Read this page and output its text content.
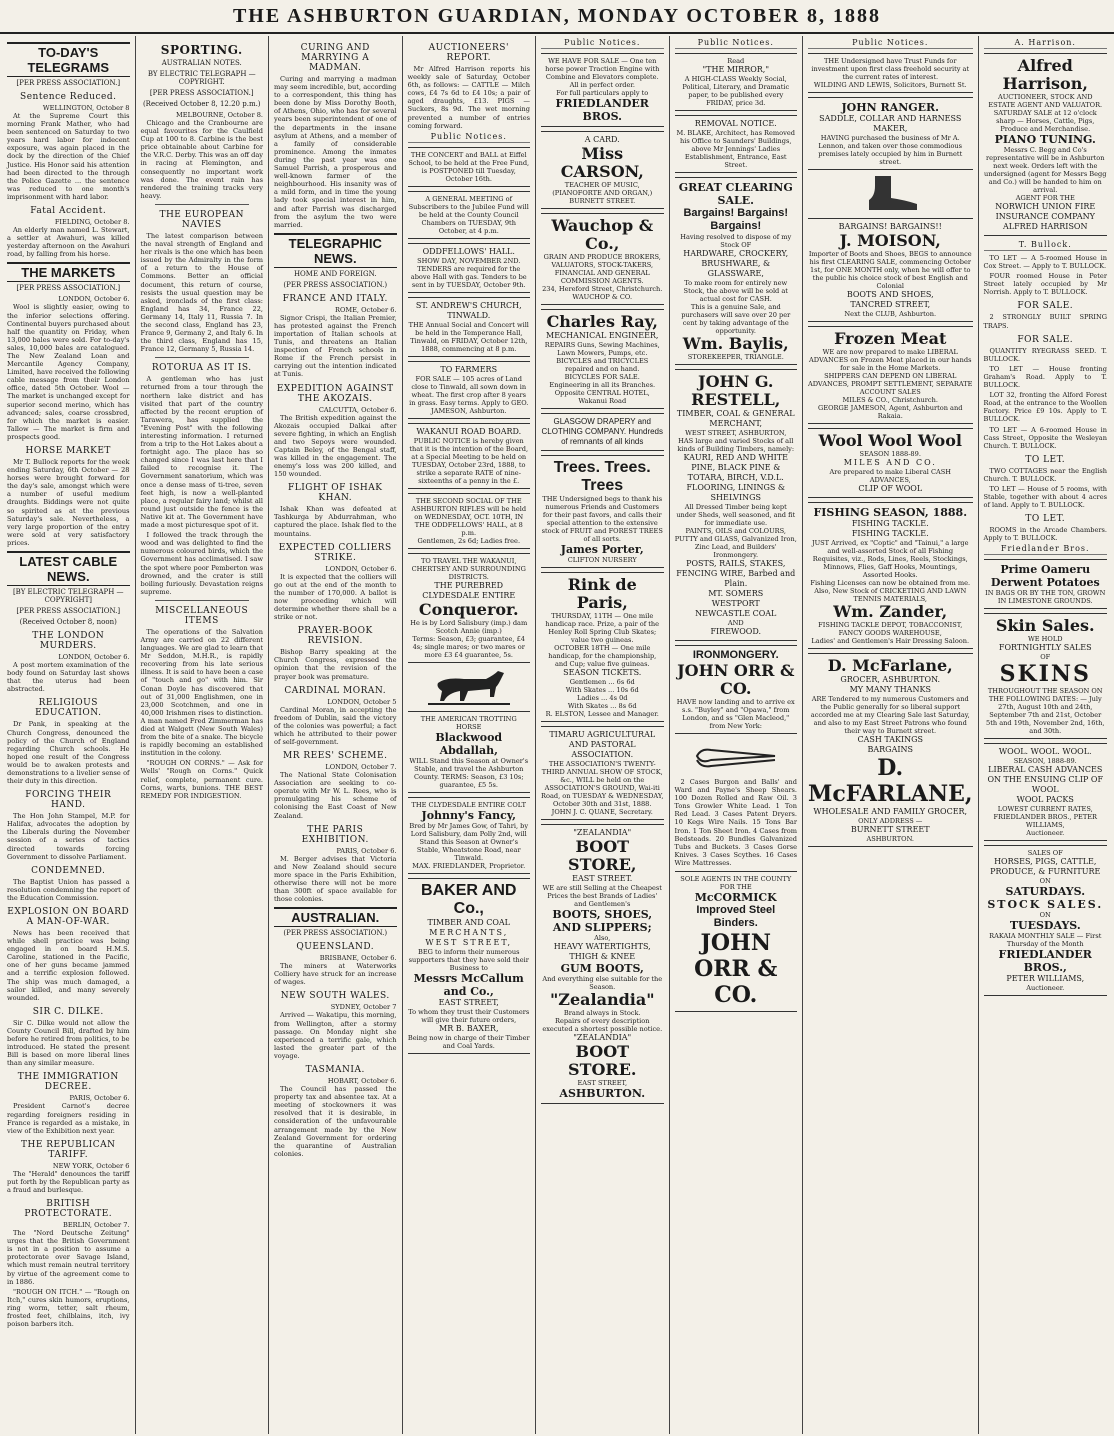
THE ASHBURTON GUARDIAN, MONDAY OCTOBER 8, 1888
TO-DAY'S TELEGRAMS
[PER PRESS ASSOCIATION.]
Sentence Reduced.

WELLINGTON, October 8

At the Supreme Court this morning Frank Mather, who had been sentenced on Saturday to two years hard labor for indecent exposure, was again placed in the dock by the direction of the Chief Justice. His Honor said his attention had been directed to the through the Police Gazette ... the sentence was reduced to one month's imprisonment with hard labor.

Fatal Accident.

FIELDING, October 8.

An elderly man named L. Stewart, a settler at Awahuri, was killed yesterday afternoon on the Awahuri road, by falling from his horse.

THE MARKETS
[PER PRESS ASSOCIATION.]

LONDON, October 6.

Wool is slightly easier, owing to the inferior selections offering. Continental buyers purchased about half the quantity on Friday, when 13,000 bales were sold. For to-day's sales, 10,000 bales are catalogued. The New Zealand Loan and Mercantile Agency Company, Limited, have received the following cable message from their London office, dated 5th October. Wool — The market is unchanged except for superior second merino, which has advanced; sales, coarse crossbred, for which the market is easier. Tallow — The market is firm and prospects good.

HORSE MARKET

Mr T. Bullock reports for the week ending Saturday, 6th October — 28 horses were brought forward for the day's sale, amongst which were a number of useful medium draughts. Biddings were not quite so spirited as at the previous Saturday's sale. Nevertheless, a very large proportion of the entry were sold at very satisfactory prices.

LATEST CABLE NEWS.
[BY ELECTRIC TELEGRAPH — COPYRIGHT]
[PER PRESS ASSOCIATION.]
(Received October 8, noon)
THE LONDON MURDERS.

LONDON, October 6.

A post mortem examination of the body found on Saturday last shows that the uterus had been abstracted.

RELIGIOUS EDUCATION.

Dr Pank, in speaking at the Church Congress, denounced the policy of the Church of England regarding Church schools. He hoped one result of the Congress would be to awaken protests and demonstrations to a livelier sense of their duty in this direction.

FORCING THEIR HAND.

The Hon John Stampel, M.P. for Halifax, advocates the adoption by the Liberals during the November session of a series of tactics directed towards forcing Government to dissolve Parliament.

CONDEMNED.

The Baptist Union has passed a resolution condemning the report of the Education Commission.

EXPLOSION ON BOARD A MAN-OF-WAR.

News has been received that while shell practice was being engaged in on board H.M.S. Caroline, stationed in the Pacific, one of her guns became jammed and a terrific explosion followed. The ship was much damaged, a sailor killed, and many severely wounded.

SIR C. DILKE.

Sir C. Dilke would not allow the County Council Bill, drafted by him before he retired from politics, to be introduced. He stated the present Bill is based on more liberal lines than any similar measure.

THE IMMIGRATION DECREE.

PARIS, October 6.

President Carnot's decree regarding foreigners residing in France is regarded as a mistake, in view of the Exhibition next year.

THE REPUBLICAN TARIFF.

NEW YORK, October 6

The "Herald" denounces the tariff put forth by the Republican party as a fraud and burlesque.

BRITISH PROTECTORATE.

BERLIN, October 7.

The "Nord Deutsche Zeitung" urges that the British Government is not in a position to assume a protectorate over Savage Island, which must remain neutral territory by virtue of the agreement come to in 1886.

"ROUGH ON ITCH." — "Rough on Itch," cures skin humors, eruptions, ring worm, tetter, salt rheum, frosted feet, chilblains, itch, ivy poison barbers itch.

SPORTING.
AUSTRALIAN NOTES.
BY ELECTRIC TELEGRAPH — COPYRIGHT.
[PER PRESS ASSOCIATION.]
(Received October 8, 12.20 p.m.)

MELBOURNE, October 8.

Chicago and the Cranbourne are equal favourites for the Caulfield Cup at 100 to 8. Carbine is the best price obtainable about Carbine for the V.R.C. Derby. This was an off day in racing at Flemington, and consequently no important work was done. The event rain has rendered the training tracks very heavy.

THE EUROPEAN NAVIES

The latest comparison between the naval strength of England and her rivals is the one which has been issued by the Admiralty in the form of a return to the House of Commons. Better an official document, this return of course, resists the usual question may be asked, ironclads of the first class: England has 34, France 22, Germany 14, Italy 11, Russia 7. In the second class, England has 23, France 9, Germany 2, and Italy 6. In the third class, England has 15, France 12, Germany 5, Russia 14.

ROTORUA AS IT IS.

A gentleman who has just returned from a tour through the northern lake district and has visited that part of the country affected by the recent eruption of Tarawera, has supplied the "Evening Post" with the following interesting information. I returned from a trip to the Hot Lakes about a fortnight ago. The place has so changed since I was last here that I failed to recognise it. The Government sanatorium, which was once a dense mass of ti-tree, seven feet high, is now a well-planted place, a regular fairy land; whilst all round just outside the fence is the Native kit at. The Government have made a most picturesque spot of it.

I followed the track through the wood and was delighted to find the numerous coloured birds, which the Government has acclimatised. I saw the spot where poor Pemberton was drowned, and the crater is still boiling furiously. Devastation reigns supreme.

MISCELLANEOUS ITEMS

The operations of the Salvation Army are carried on 22 different languages. We are glad to learn that Mr Seddon, M.H.R., is rapidly recovering from his late serious illness. It is said to have been a case of "touch and go" with him. Sir Conan Doyle has discovered that out of 31,000 Englishmen, one in 23,000 Scotchmen, and one in 40,000 Irishmen rises to distinction. A man named Fred Zimmerman has died at Walgett (New South Wales) from the bite of a snake. The bicycle is rapidly becoming an established institution in the colony.

"ROUGH ON CORNS." — Ask for Wells' "Rough on Corns." Quick relief, complete, permanent cure. Corns, warts, bunions. THE BEST REMEDY FOR INDIGESTION.

CURING AND MARRYING A MADMAN.

Curing and marrying a madman may seem incredible, but, according to a correspondent, this thing has been done by Miss Dorothy Booth, of Athens, Ohio, who has for several years been superintendent of one of the departments in the insane asylum at Athens, and a member of a family of considerable prominence. Among the inmates during the past year was one Samuel Parrish, a prosperous and well-known farmer of the neighbourhood. His insanity was of a mild form, and in time the young lady took special interest in him, and after Parrish was discharged from the asylum the two were married.

TELEGRAPHIC NEWS.
HOME AND FOREIGN.
(PER PRESS ASSOCIATION.)
FRANCE AND ITALY.

ROME, October 6.

Signor Crispi, the Italian Premier, has protested against the French importation of Italian schools at Tunis, and threatens an Italian inspection of French schools in Rome if the French persist in carrying out the intention indicated at Tunis.

EXPEDITION AGAINST THE AKOZAIS.

CALCUTTA, October 6.

The British expedition against the Akozais occupied Dalkai after severe fighting, in which an English and two Sepoys were wounded. Captain Beley, of the Bengal staff, was killed in the engagement. The enemy's loss was 200 killed, and 150 wounded.

FLIGHT OF ISHAK KHAN.

Ishak Khan was defeated at Tashkurga by Abdurrahman, who captured the place. Ishak fled to the mountains.

EXPECTED COLLIERS STRIKE.

LONDON, October 6.

It is expected that the colliers will go out at the end of the month to the number of 170,000. A ballot is now proceeding which will determine whether there shall be a strike or not.

PRAYER-BOOK REVISION.

Bishop Barry speaking at the Church Congress, expressed the opinion that the revision of the prayer book was premature.

CARDINAL MORAN.

LONDON, October 5

Cardinal Moran, in accepting the freedom of Dublin, said the victory of the colonies was powerful; a fact which he attributed to their power of self-government.

MR REES' SCHEME.

LONDON, October 7.

The National State Colonisation Association are seeking to co-operate with Mr W. L. Rees, who is promulgating his scheme of colonising the East Coast of New Zealand.

THE PARIS EXHIBITION.

PARIS, October 6.

M. Berger advises that Victoria and New Zealand should secure more space in the Paris Exhibition, otherwise there will not be more than 300ft of space available for those colonies.

AUSTRALIAN.
(PER PRESS ASSOCIATION.)
QUEENSLAND.

BRISBANE, October 6.

The miners at Waterworks Colliery have struck for an increase of wages.

NEW SOUTH WALES.

SYDNEY, October 7

Arrived — Wakatipu, this morning, from Wellington, after a stormy passage. On Monday night she experienced a terrific gale, which lasted the greater part of the voyage.

TASMANIA.

HOBART, October 6.

The Council has passed the property tax and absentee tax. At a meeting of stockowners it was resolved that it is desirable, in consideration of the unfavourable arrangement made by the New Zealand Government for ordering the quarantine of Australian colonies.

AUCTIONEERS' REPORT.

Mr Alfred Harrison reports his weekly sale of Saturday, October 6th, as follows: — CATTLE — Milch cows, £4 7s 6d to £4 10s; a pair of aged draughts, £13. PIGS — Suckers, 8s 9d. The wet morning prevented a number of entries coming forward.

Public Notices.
THE CONCERT and BALL at Eiffel School, to be held at the Free Fund, is POSTPONED till Tuesday, October 16th.
A GENERAL MEETING of Subscribers to the Jubilee Fund will be held at the County Council Chambers on TUESDAY, 9th October, at 4 p.m.
ODDFELLOWS' HALL.
SHOW DAY, NOVEMBER 2ND.
TENDERS are required for the above Hall with gas. Tenders to be sent in by TUESDAY, October 9th.
ST. ANDREW'S CHURCH, TINWALD.
THE Annual Social and Concert will be held in the Temperance Hall, Tinwald, on FRIDAY, October 12th, 1888, commencing at 8 p.m.
TO FARMERS
FOR SALE — 105 acres of Land close to Tinwald, all sown down in wheat. The first crop after 8 years in grass. Easy terms. Apply to GEO. JAMESON, Ashburton.
WAKANUI ROAD BOARD.
PUBLIC NOTICE is hereby given that it is the intention of the Board, at a Special Meeting to be held on TUESDAY, October 23rd, 1888, to strike a separate RATE of nine-sixteenths of a penny in the £.
THE SECOND SOCIAL OF THE ASHBURTON RIFLES will be held on WEDNESDAY, OCT. 10TH, IN THE ODDFELLOWS' HALL, at 8 p.m.
Gentlemen, 2s 6d; Ladies free.
TO TRAVEL THE WAKANUI, CHERTSEY AND SURROUNDING DISTRICTS.
THE PUREBRED CLYDESDALE ENTIRE
Conqueror.
He is by Lord Salisbury (imp.) dam Scotch Annie (imp.)
Terms: Season, £3; guarantee, £4 4s; single mares; or two mares or more £3 £4 guarantee, 5s.
THE AMERICAN TROTTING HORSE
Blackwood Abdallah,
WILL Stand this Season at Owner's Stable, and travel the Ashburton County. TERMS: Season, £3 10s; guarantee, £5 5s.
THE CLYDESDALE ENTIRE COLT
Johnny's Fancy,
Bred by Mr James Gow, of Tahri, by Lord Salisbury, dam Polly 2nd, will Stand this Season at Owner's Stable, Wheatstone Road, near Tinwald.
MAX. FRIEDLANDER, Proprietor.
BAKER AND Co.,
TIMBER AND COAL
MERCHANTS,
WEST STREET,
BEG to inform their numerous supporters that they have sold their Business to
Messrs McCallum and Co.,
EAST STREET,
To whom they trust their Customers will give their future orders,
MR B. BAXER,
Being now in charge of their Timber and Coal Yards.
Public Notices.
WE HAVE FOR SALE — One ten horse power Traction Engine with Combine and Elevators complete. All in perfect order.
For full particulars apply to
FRIEDLANDER BROS.
A CARD.
Miss CARSON,
TEACHER OF MUSIC, (PIANOFORTE AND ORGAN,)
BURNETT STREET.
Wauchop & Co.,
GRAIN AND PRODUCE BROKERS, VALUATORS, STOCK-TAKERS, FINANCIAL AND GENERAL COMMISSION AGENTS.
234, Hereford Street, Christchurch.
WAUCHOP & CO.
Charles Ray,
MECHANICAL ENGINEER,
REPAIRS Guns, Sewing Machines, Lawn Mowers, Pumps, etc.
BICYCLES and TRICYCLES repaired and on hand.
BICYCLES FOR SALE.
Engineering in all its Branches.
Opposite CENTRAL HOTEL, Wakanui Road
GLASGOW DRAPERY and CLOTHING COMPANY. Hundreds of remnants of all kinds
Trees. Trees. Trees
THE Undersigned begs to thank his numerous Friends and Customers for their past favors, and calls their special attention to the extensive stock of FRUIT and FOREST TREES of all sorts.
James Porter,
CLIFTON NURSERY
Rink de Paris,
THURSDAY, 11TH — One mile handicap race. Prize, a pair of the Henley Roll Spring Club Skates; value two guineas.
OCTOBER 18TH — One mile handicap, for the championship, and Cup; value five guineas.
SEASON TICKETS.
Gentlemen ... 6s 6d
With Skates ... 10s 6d
Ladies ... 4s 0d
With Skates ... 8s 6d
R. ELSTON, Lessee and Manager.
TIMARU AGRICULTURAL AND PASTORAL ASSOCIATION.
THE ASSOCIATION'S TWENTY-THIRD ANNUAL SHOW OF STOCK, &c., WILL be held on the ASSOCIATION'S GROUND, Wai-iti Road, on TUESDAY & WEDNESDAY, October 30th and 31st, 1888.
JOHN J. C. QUANE, Secretary.
"ZEALANDIA"
BOOT STORE,
EAST STREET.
WE are still Selling at the Cheapest Prices the best Brands of Ladies' and Gentlemen's
BOOTS, SHOES, AND SLIPPERS;
Also,
HEAVY WATERTIGHTS, THIGH & KNEE
GUM BOOTS,
And everything else suitable for the Season.
"Zealandia"
Brand always in Stock.
Repairs of every description executed a shortest possible notice.
"ZEALANDIA"
BOOT STORE.
EAST STREET,
ASHBURTON.
Public Notices.
Read
"THE MIRROR,"
A HIGH-CLASS Weekly Social, Political, Literary, and Dramatic paper, to be published every FRIDAY, price 3d.
REMOVAL NOTICE.
M. BLAKE, Architect, has Removed his Office to Saunders' Buildings, above Mr Jennings' Ladies Establishment, Entrance, East Street.
GREAT CLEARING SALE.
Bargains! Bargains! Bargains!
Having resolved to dispose of my Stock OF
HARDWARE, CROCKERY, BRUSHWARE, & GLASSWARE,
To make room for entirely new Stock, the above will be sold at actual cost for CASH.
This is a genuine Sale, and purchasers will save over 20 per cent by taking advantage of the opportunity.
Wm. Baylis,
STOREKEEPER, TRIANGLE.
JOHN G. RESTELL,
TIMBER, COAL & GENERAL MERCHANT,
WEST STREET, ASHBURTON,
HAS large and varied Stocks of all kinds of Building Timbers, namely:
KAURI, RED AND WHITE PINE, BLACK PINE & TOTARA, BIRCH, V.D.L.
FLOORING, LININGS & SHELVINGS
All Dressed Timber being kept under Sheds, well seasoned, and fit for immediate use.
PAINTS, OILS and COLOURS, PUTTY and GLASS, Galvanized Iron, Zinc Lead, and Builders' Ironmongery.
POSTS, RAILS, STAKES, FENCING WIRE, Barbed and Plain.
MT. SOMERS
WESTPORT
NEWCASTLE COAL
AND
FIREWOOD.
IRONMONGERY.
JOHN ORR & CO.
HAVE now landing and to arrive ex s.s. "Buyley" and "Opawa," from London, and ss "Glen Macleod," from New York:

2 Cases Burgon and Balls' and Ward and Payne's Sheep Shears. 100 Dozen Rolled and Raw Oil. 3 Tons Growler White Lead. 1 Ton Red Lead. 3 Cases Patent Dryers. 10 Kegs Wire Nails. 15 Tons Bar Iron. 1 Ton Sheet Iron. 4 Cases from Bedsteads. 20 Bundles Galvanized Tubs and Buckets. 3 Cases Gorse Knives. 3 Cases Scythes. 16 Cases Wire Mattresses.

SOLE AGENTS IN THE COUNTY FOR THE
McCORMICK
Improved Steel Binders.
JOHN ORR & CO.
Public Notices.
THE Undersigned have Trust Funds for investment upon first class freehold security at the current rates of interest.
WILDING AND LEWIS, Solicitors, Burnett St.
JOHN RANGER.
SADDLE, COLLAR AND HARNESS MAKER,
HAVING purchased the business of Mr A. Lennon, and taken over those commodious premises lately occupied by him in Burnett street.
BARGAINS! BARGAINS!!
J. MOISON,
Importer of Boots and Shoes, BEGS to announce his first CLEARING SALE, commencing October 1st, for ONE MONTH only, when he will offer to the public his choice stock of best English and Colonial
BOOTS AND SHOES,
TANCRED STREET,
Next the CLUB, Ashburton.
Frozen Meat
WE are now prepared to make LIBERAL ADVANCES on Frozen Meat placed in our hands for sale in the Home Markets.
SHIPPERS CAN DEPEND ON LIBERAL ADVANCES, PROMPT SETTLEMENT, SEPARATE ACCOUNT SALES
MILES & CO., Christchurch.
GEORGE JAMESON, Agent, Ashburton and Rakaia.
Wool Wool Wool
SEASON 1888-89.
MILES AND CO.
Are prepared to make Liberal CASH ADVANCES,
CLIP OF WOOL
FISHING SEASON, 1888.
FISHING TACKLE.
FISHING TACKLE.
JUST Arrived, ex "Coptic" and "Tainui," a large and well-assorted Stock of all Fishing Requisites, viz., Rods, Lines, Reels, Stockings, Minnows, Flies, Gaff Hooks, Mountings, Assorted Hooks.
Fishing Licenses can now be obtained from me.
Also, New Stock of CRICKETING AND LAWN TENNIS MATERIALS,
Wm. Zander,
FISHING TACKLE DEPOT, TOBACCONIST, FANCY GOODS WAREHOUSE,
Ladies' and Gentlemen's Hair Dressing Saloon.
D. McFarlane,
GROCER, ASHBURTON.
MY MANY THANKS
ARE Tendered to my numerous Customers and the Public generally for so liberal support accorded me at my Clearing Sale last Saturday, and also to my East Street Patrons who found their way to Burnett street.
CASH TAKINGS
BARGAINS
D. McFARLANE,
WHOLESALE AND FAMILY GROCER,
ONLY ADDRESS —
BURNETT STREET
ASHBURTON.
A. Harrison.
Alfred Harrison,
AUCTIONEER, STOCK AND ESTATE AGENT AND VALUATOR.
SATURDAY SALE at 12 o'clock sharp — Horses, Cattle, Pigs, Produce and Merchandise.
PIANO TUNING.
Messrs C. Begg and Co's representative will be in Ashburton next week. Orders left with the undersigned (agent for Messrs Begg and Co.) will be handed to him on arrival.
AGENT FOR THE
NORWICH UNION FIRE INSURANCE COMPANY
ALFRED HARRISON
T. Bullock.

TO LET — A 5-roomed House in Cox Street. — Apply to T. BULLOCK.

FOUR roomed House in Peter Street lately occupied by Mr Norrish. Apply to T. BULLOCK.

FOR SALE.

2 STRONGLY BUILT SPRING TRAPS.

FOR SALE.

QUANTITY RYEGRASS SEED. T. BULLOCK.

TO LET — House fronting Graham's Road. Apply to T. BULLOCK.

LOT 32, fronting the Alford Forest Road, at the entrance to the Woollen Factory. Price £9 10s. Apply to T. BULLOCK.

TO LET — A 6-roomed House in Cass Street, Opposite the Wesleyan Church. T. BULLOCK.

TO LET.

TWO COTTAGES near the English Church. T. BULLOCK.

TO LET — House of 5 rooms, with Stable, together with about 4 acres of land. Apply to T. BULLOCK.

TO LET.

ROOMS in the Arcade Chambers. Apply to T. BULLOCK.

Friedlander Bros.
Prime Oameru
Derwent Potatoes
IN BAGS OR BY THE TON, GROWN IN LIMESTONE GROUNDS.
Skin Sales.
WE HOLD
FORTNIGHTLY SALES
OF
SKINS
THROUGHOUT THE SEASON ON THE FOLLOWING DATES: — July 27th, August 10th and 24th, September 7th and 21st, October 5th and 19th, November 2nd, 16th, and 30th.
WOOL. WOOL. WOOL.
SEASON, 1888-89.
LIBERAL CASH ADVANCES
ON THE ENSUING CLIP OF WOOL
WOOL PACKS
LOWEST CURRENT RATES,
FRIEDLANDER BROS., PETER WILLIAMS,
Auctioneer.
SALES OF
HORSES, PIGS, CATTLE, PRODUCE, & FURNITURE
ON
SATURDAYS.
STOCK SALES.
ON
TUESDAYS.
RAKAIA MONTHLY SALE — First Thursday of the Month
FRIEDLANDER BROS.,
PETER WILLIAMS,
Auctioneer.
